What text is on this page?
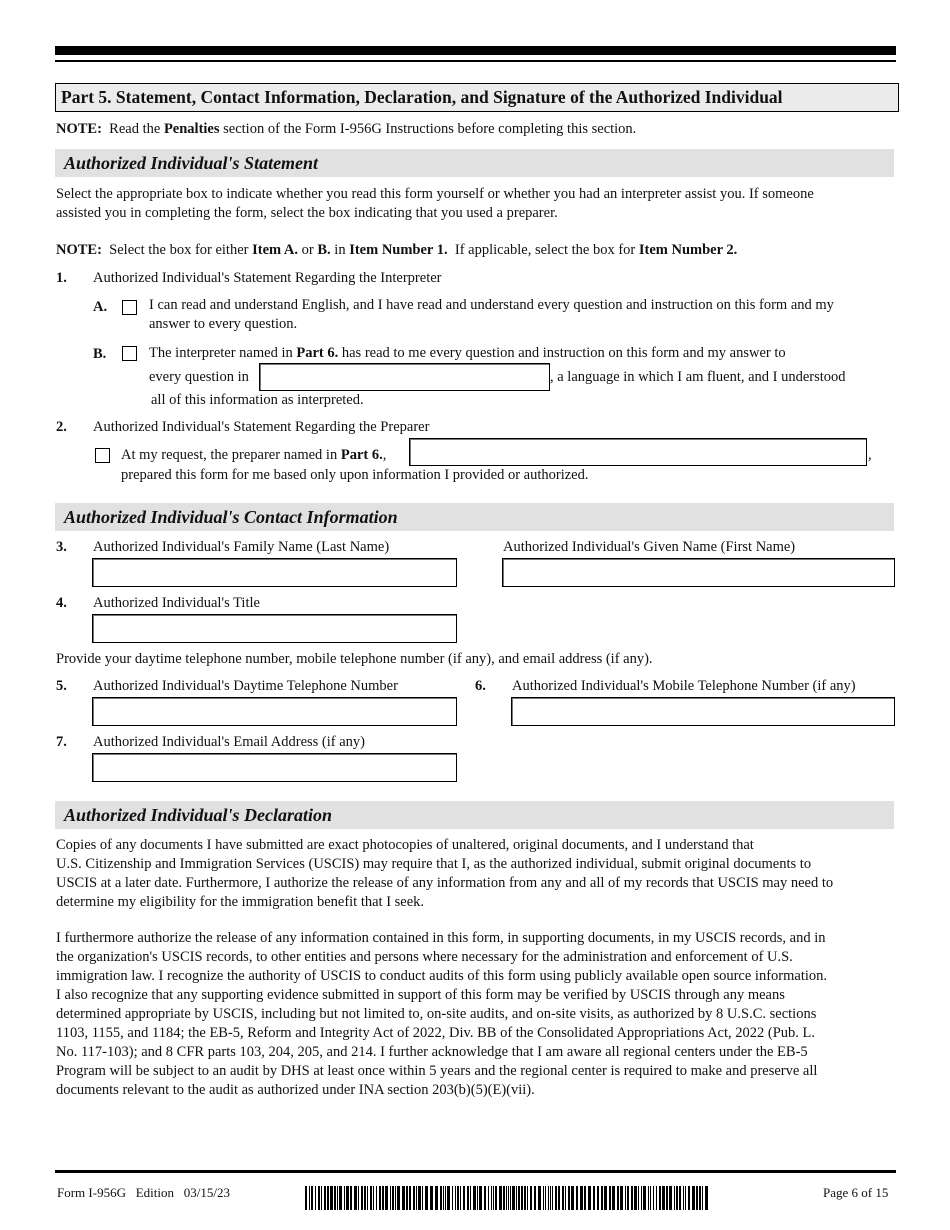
Part 5. Statement, Contact Information, Declaration, and Signature of the Authorized Individual
NOTE:  Read the Penalties section of the Form I-956G Instructions before completing this section.
Authorized Individual's Statement
Select the appropriate box to indicate whether you read this form yourself or whether you had an interpreter assist you. If someone
assisted you in completing the form, select the box indicating that you used a preparer.
NOTE:  Select the box for either Item A. or B. in Item Number 1.  If applicable, select the box for Item Number 2.
1. Authorized Individual's Statement Regarding the Interpreter
A.	I can read and understand English, and I have read and understand every question and instruction on this form and my
answer to every question.
B.	The interpreter named in Part 6. has read to me every question and instruction on this form and my answer to
every question in	, a language in which I am fluent, and I understood
all of this information as interpreted.
2. Authorized Individual's Statement Regarding the Preparer
At my request, the preparer named in Part 6.,	,
prepared this form for me based only upon information I provided or authorized.
Authorized Individual's Contact Information
3. Authorized Individual's Family Name (Last Name)	Authorized Individual's Given Name (First Name)
4. Authorized Individual's Title
Provide your daytime telephone number, mobile telephone number (if any), and email address (if any).
5. Authorized Individual's Daytime Telephone Number	6. Authorized Individual's Mobile Telephone Number (if any)
7. Authorized Individual's Email Address (if any)
Authorized Individual's Declaration
Copies of any documents I have submitted are exact photocopies of unaltered, original documents, and I understand that
U.S. Citizenship and Immigration Services (USCIS) may require that I, as the authorized individual, submit original documents to
USCIS at a later date. Furthermore, I authorize the release of any information from any and all of my records that USCIS may need to
determine my eligibility for the immigration benefit that I seek.
I furthermore authorize the release of any information contained in this form, in supporting documents, in my USCIS records, and in
the organization's USCIS records, to other entities and persons where necessary for the administration and enforcement of U.S.
immigration law. I recognize the authority of USCIS to conduct audits of this form using publicly available open source information.
I also recognize that any supporting evidence submitted in support of this form may be verified by USCIS through any means
determined appropriate by USCIS, including but not limited to, on-site audits, and on-site visits, as authorized by 8 U.S.C. sections
1103, 1155, and 1184; the EB-5, Reform and Integrity Act of 2022, Div. BB of the Consolidated Appropriations Act, 2022 (Pub. L.
No. 117-103); and 8 CFR parts 103, 204, 205, and 214. I further acknowledge that I am aware all regional centers under the EB-5
Program will be subject to an audit by DHS at least once within 5 years and the regional center is required to make and preserve all
documents relevant to the audit as authorized under INA section 203(b)(5)(E)(vii).
Form I-956G   Edition   03/15/23	Page 6 of 15
